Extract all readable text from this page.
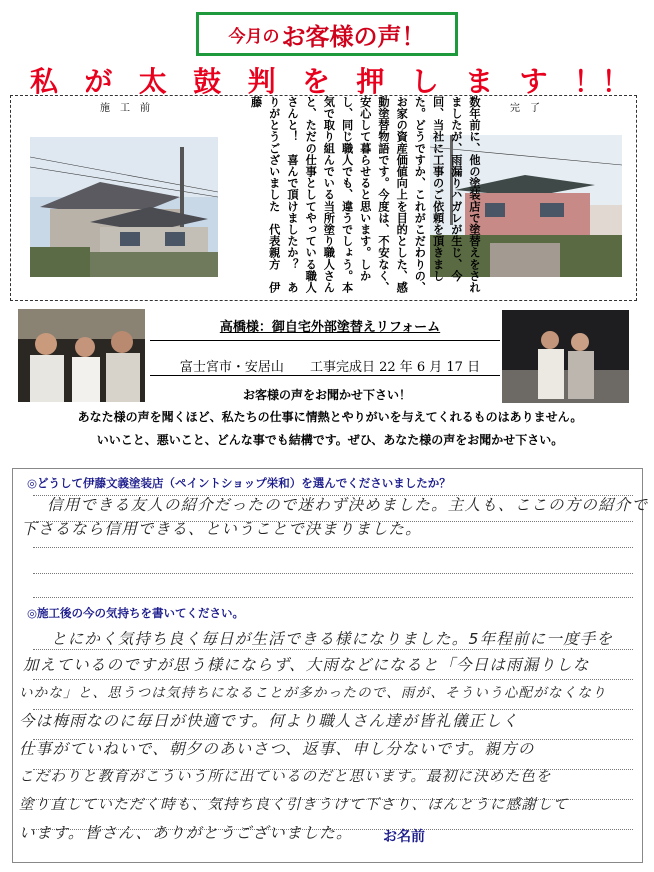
今月の お客様の声！
私 が 太 鼓 判 を 押 し ま す ！！
施　工　前	完　了
数年前に、他の塗装店で塗替えをされましたが、雨漏りハガレが生じ、今回、当社に工事のご依頼を頂きました。どうですか、これがこだわりの、お家の資産価値向上を目的とした、感動塗替物語です。今度は、不安なく、安心して暮らせると思います。しかし、同じ職人でも、違うでしょう。本気で取り組んでいる当所塗り職人さんと、ただの仕事としてやっている職人さんと！　喜んで頂けましたか？　ありがとうございました　代表親方　伊藤
高橋様：御自宅外部塗替えリフォーム
富士宮市・安居山　　 工事完成日 22 年 6 月 17 日
お客様の声をお聞かせ下さい！
あなた様の声を聞くほど、私たちの仕事に情熱とやりがいを与えてくれるものはありません。
いいこと、悪いこと、どんな事でも結構です。ぜひ、あなた様の声をお聞かせ下さい。
◎どうして伊藤文義塗装店（ペイントショップ栄和）を選んでくださいましたか？
信用できる友人の紹介だったので迷わず決めました。主人も、ここの方の紹介で
下さるなら信用できる、ということで決まりました。
◎施工後の今の気持ちを書いてください。
とにかく気持ち良く毎日が生活できる様になりました。5年程前に一度手を
加えているのですが思う様にならず、大雨などになると「今日は雨漏りしな
いかな」と、思うつは気持ちになることが多かったので、雨が、そういう心配がなくなり
今は梅雨なのに毎日が快適です。何より職人さん達が皆礼儀正しく
仕事がていねいで、朝夕のあいさつ、返事、申し分ないです。親方の
こだわりと教育がこういう所に出ているのだと思います。最初に決めた色を
塗り直していただく時も、気持ち良く引きうけて下さり、ほんとうに感謝して
います。皆さん、ありがとうございました。 お名前
